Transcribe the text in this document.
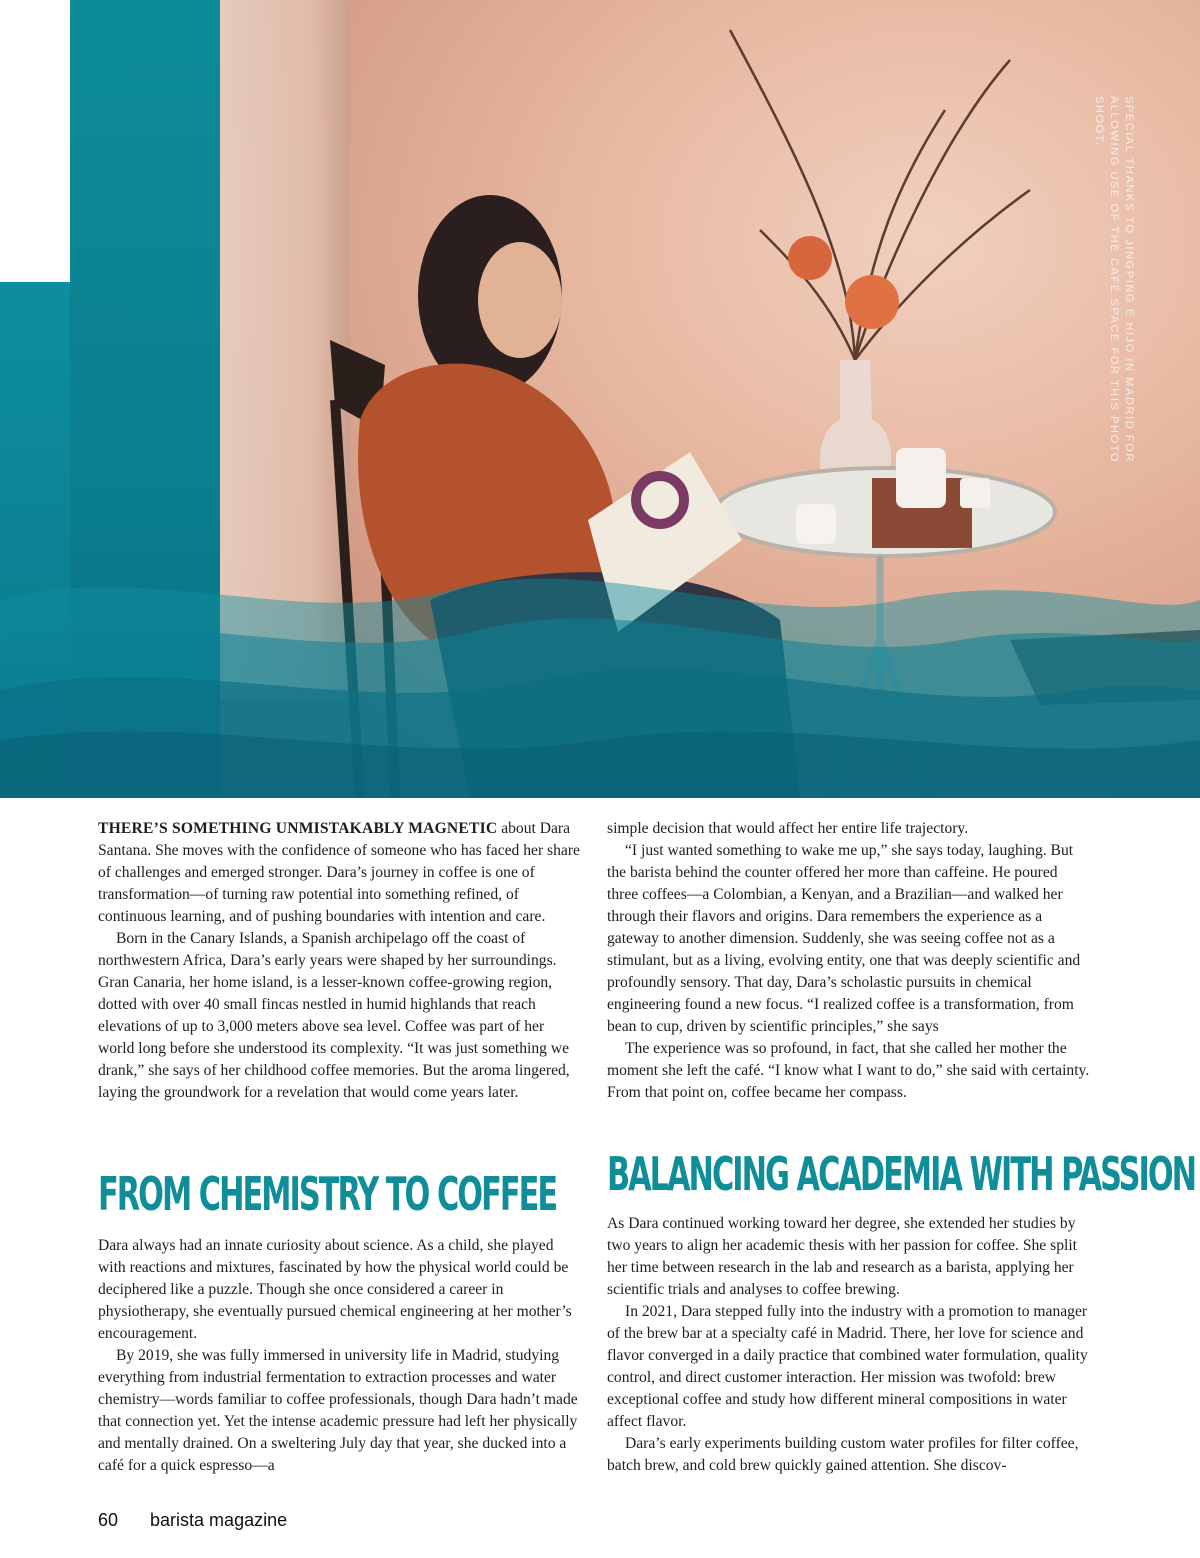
SPECIAL THANKS TO JINGPING E HIJO IN MADRID FOR ALLOWING USE OF THE CAFÉ SPACE FOR THIS PHOTO SHOOT.

THERE’S SOMETHING UNMISTAKABLY MAGNETIC about Dara Santana. She moves with the confidence of someone who has faced her share of challenges and emerged stronger. Dara’s journey in coffee is one of transformation—of turning raw potential into something refined, of continuous learning, and of pushing boundaries with intention and care.

Born in the Canary Islands, a Spanish archipelago off the coast of northwestern Africa, Dara’s early years were shaped by her surroundings. Gran Canaria, her home island, is a lesser-known coffee-growing region, dotted with over 40 small fincas nestled in humid highlands that reach elevations of up to 3,000 meters above sea level. Coffee was part of her world long before she understood its complexity. “It was just something we drank,” she says of her childhood coffee memories. But the aroma lingered, laying the groundwork for a revelation that would come years later.

FROM CHEMISTRY TO COFFEE

Dara always had an innate curiosity about science. As a child, she played with reactions and mixtures, fascinated by how the physical world could be deciphered like a puzzle. Though she once considered a career in physiotherapy, she eventually pursued chemical engineering at her mother’s encouragement.

By 2019, she was fully immersed in university life in Madrid, studying everything from industrial fermentation to extraction processes and water chemistry—words familiar to coffee professionals, though Dara hadn’t made that connection yet. Yet the intense academic pressure had left her physically and mentally drained. On a sweltering July day that year, she ducked into a café for a quick espresso—a

simple decision that would affect her entire life trajectory.

“I just wanted something to wake me up,” she says today, laughing. But the barista behind the counter offered her more than caffeine. He poured three coffees—a Colombian, a Kenyan, and a Brazilian—and walked her through their flavors and origins. Dara remembers the experience as a gateway to another dimension. Suddenly, she was seeing coffee not as a stimulant, but as a living, evolving entity, one that was deeply scientific and profoundly sensory. That day, Dara’s scholastic pursuits in chemical engineering found a new focus. “I realized coffee is a transformation, from bean to cup, driven by scientific principles,” she says

The experience was so profound, in fact, that she called her mother the moment she left the café. “I know what I want to do,” she said with certainty. From that point on, coffee became her compass.

BALANCING ACADEMIA WITH PASSION

As Dara continued working toward her degree, she extended her studies by two years to align her academic thesis with her passion for coffee. She split her time between research in the lab and research as a barista, applying her scientific trials and analyses to coffee brewing.

In 2021, Dara stepped fully into the industry with a promotion to manager of the brew bar at a specialty café in Madrid. There, her love for science and flavor converged in a daily practice that combined water formulation, quality control, and direct customer interaction. Her mission was twofold: brew exceptional coffee and study how different mineral compositions in water affect flavor.

Dara’s early experiments building custom water profiles for filter coffee, batch brew, and cold brew quickly gained attention. She discov-

60 barista magazine
